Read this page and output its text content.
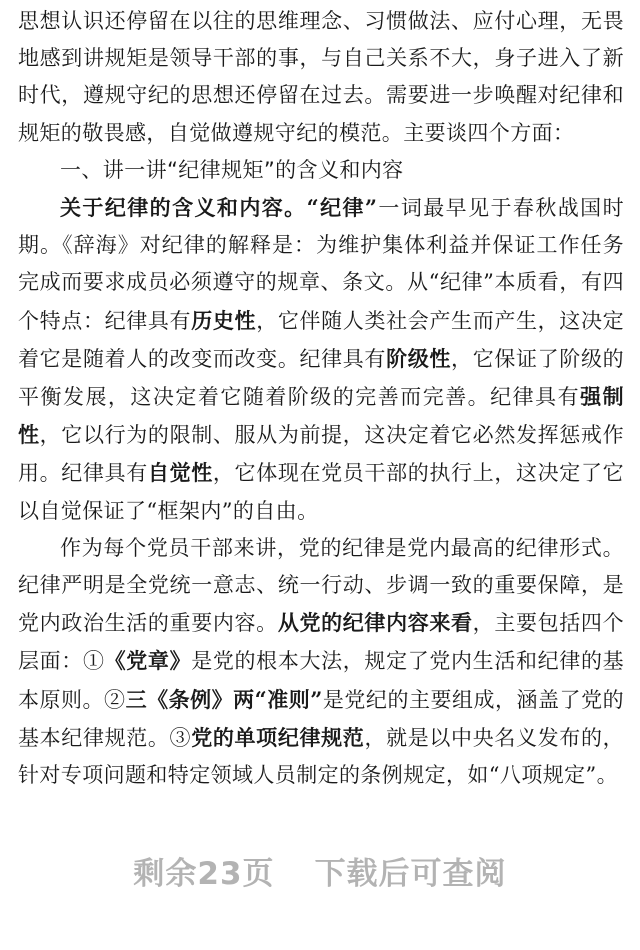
思想认识还停留在以往的思维理念、习惯做法、应付心理，无畏地感到讲规矩是领导干部的事，与自己关系不大，身子进入了新时代，遵规守纪的思想还停留在过去。需要进一步唤醒对纪律和规矩的敬畏感，自觉做遵规守纪的模范。主要谈四个方面：

一、讲一讲“纪律规矩”的含义和内容

关于纪律的含义和内容。“纪律”一词最早见于春秋战国时期。《辞海》对纪律的解释是：为维护集体利益并保证工作任务完成而要求成员必须遵守的规章、条文。从“纪律”本质看，有四个特点：纪律具有历史性，它伴随人类社会产生而产生，这决定着它是随着人的改变而改变。纪律具有阶级性，它保证了阶级的平衡发展，这决定着它随着阶级的完善而完善。纪律具有强制性，它以行为的限制、服从为前提，这决定着它必然发挥惩戒作用。纪律具有自觉性，它体现在党员干部的执行上，这决定了它以自觉保证了“框架内”的自由。

作为每个党员干部来讲，党的纪律是党内最高的纪律形式。纪律严明是全党统一意志、统一行动、步调一致的重要保障，是党内政治生活的重要内容。从党的纪律内容来看，主要包括四个层面：①《党章》是党的根本大法，规定了党内生活和纪律的基本原则。②三《条例》两“准则”是党纪的主要组成，涵盖了党的基本纪律规范。③党的单项纪律规范，就是以中央名义发布的，针对专项问题和特定领域人员制定的条例规定，如“八项规定”。

剩余23页 下载后可查阅
